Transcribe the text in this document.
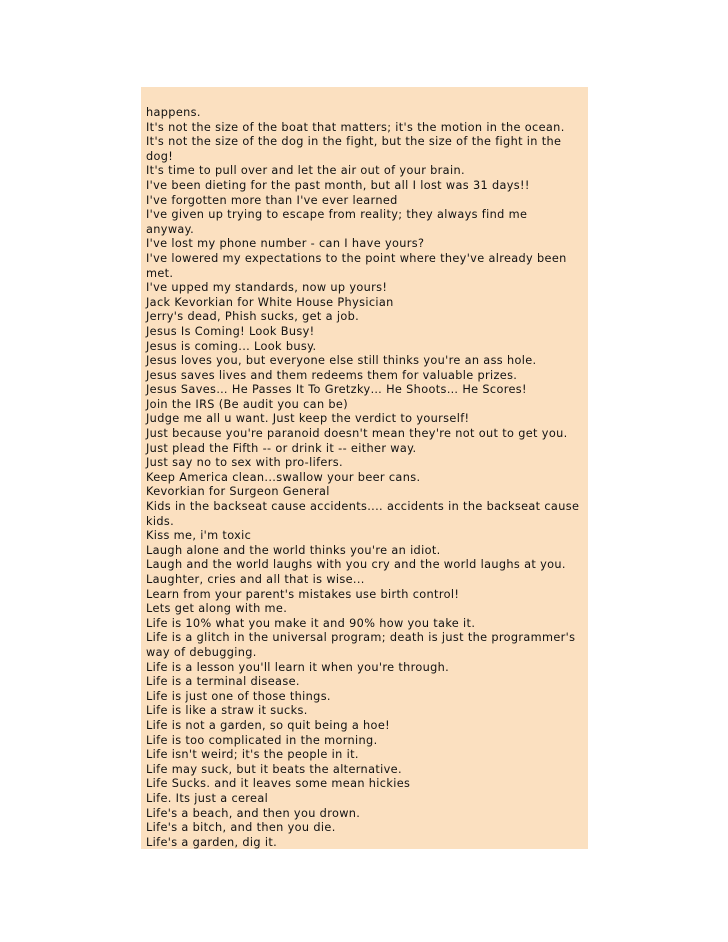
happens.
It's not the size of the boat that matters; it's the motion in the ocean.
It's not the size of the dog in the fight, but the size of the fight in the
dog!
It's time to pull over and let the air out of your brain.
I've been dieting for the past month, but all I lost was 31 days!!
I've forgotten more than I've ever learned
I've given up trying to escape from reality; they always find me
anyway.
I've lost my phone number - can I have yours?
I've lowered my expectations to the point where they've already been
met.
I've upped my standards, now up yours!
Jack Kevorkian for White House Physician
Jerry's dead, Phish sucks, get a job.
Jesus Is Coming! Look Busy!
Jesus is coming... Look busy.
Jesus loves you, but everyone else still thinks you're an ass hole.
Jesus saves lives and them redeems them for valuable prizes.
Jesus Saves… He Passes It To Gretzky… He Shoots… He Scores!
Join the IRS (Be audit you can be)
Judge me all u want. Just keep the verdict to yourself!
Just because you're paranoid doesn't mean they're not out to get you.
Just plead the Fifth -- or drink it -- either way.
Just say no to sex with pro-lifers.
Keep America clean...swallow your beer cans.
Kevorkian for Surgeon General
Kids in the backseat cause accidents.... accidents in the backseat cause
kids.
Kiss me, i'm toxic
Laugh alone and the world thinks you're an idiot.
Laugh and the world laughs with you cry and the world laughs at you.
Laughter, cries and all that is wise...
Learn from your parent's mistakes use birth control!
Lets get along with me.
Life is 10% what you make it and 90% how you take it.
Life is a glitch in the universal program; death is just the programmer's
way of debugging.
Life is a lesson you'll learn it when you're through.
Life is a terminal disease.
Life is just one of those things.
Life is like a straw it sucks.
Life is not a garden, so quit being a hoe!
Life is too complicated in the morning.
Life isn't weird; it's the people in it.
Life may suck, but it beats the alternative.
Life Sucks. and it leaves some mean hickies
Life. Its just a cereal
Life's a beach, and then you drown.
Life's a bitch, and then you die.
Life's a garden, dig it.
